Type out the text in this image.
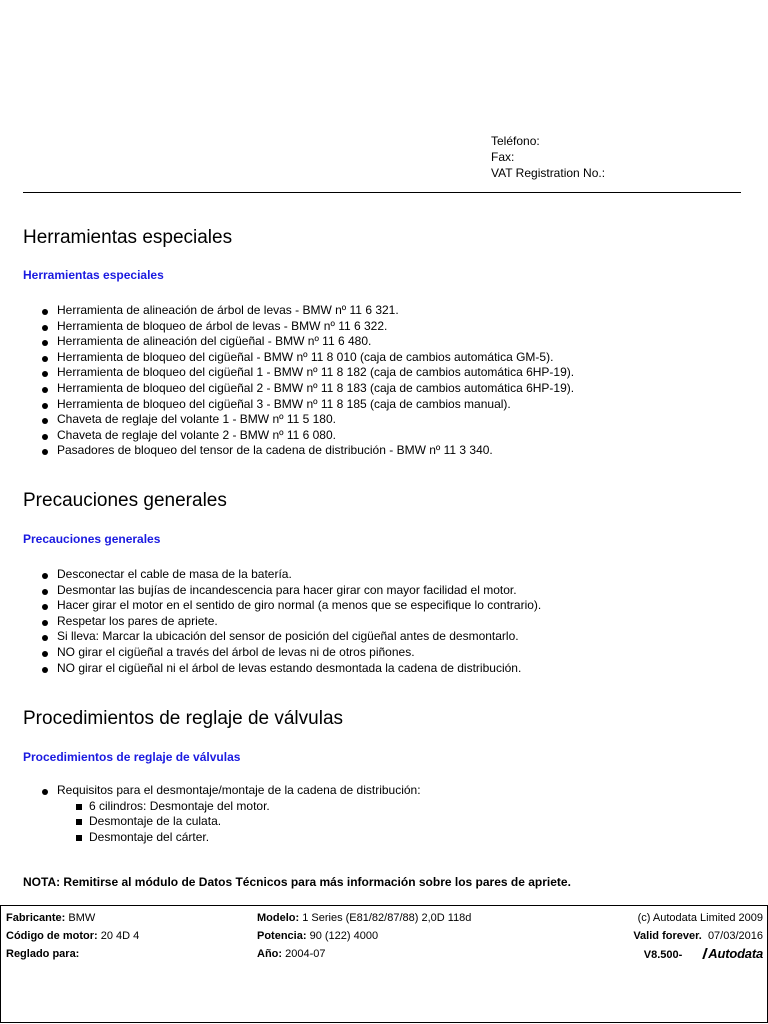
Teléfono:
Fax:
VAT Registration No.:
Herramientas especiales
Herramientas especiales
Herramienta de alineación de árbol de levas - BMW nº 11 6 321.
Herramienta de bloqueo de árbol de levas - BMW nº 11 6 322.
Herramienta de alineación del cigüeñal - BMW nº 11 6 480.
Herramienta de bloqueo del cigüeñal - BMW nº 11 8 010 (caja de cambios automática GM-5).
Herramienta de bloqueo del cigüeñal 1 - BMW nº 11 8 182 (caja de cambios automática 6HP-19).
Herramienta de bloqueo del cigüeñal 2 - BMW nº 11 8 183 (caja de cambios automática 6HP-19).
Herramienta de bloqueo del cigüeñal 3 - BMW nº 11 8 185 (caja de cambios manual).
Chaveta de reglaje del volante 1 - BMW nº 11 5 180.
Chaveta de reglaje del volante 2 - BMW nº 11 6 080.
Pasadores de bloqueo del tensor de la cadena de distribución - BMW nº 11 3 340.
Precauciones generales
Precauciones generales
Desconectar el cable de masa de la batería.
Desmontar las bujías de incandescencia para hacer girar con mayor facilidad el motor.
Hacer girar el motor en el sentido de giro normal (a menos que se especifique lo contrario).
Respetar los pares de apriete.
Si lleva: Marcar la ubicación del sensor de posición del cigüeñal antes de desmontarlo.
NO girar el cigüeñal a través del árbol de levas ni de otros piñones.
NO girar el cigüeñal ni el árbol de levas estando desmontada la cadena de distribución.
Procedimientos de reglaje de válvulas
Procedimientos de reglaje de válvulas
Requisitos para el desmontaje/montaje de la cadena de distribución:
6 cilindros: Desmontaje del motor.
Desmontaje de la culata.
Desmontaje del cárter.
NOTA: Remitirse al módulo de Datos Técnicos para más información sobre los pares de apriete.
Fabricante: BMW
Código de motor: 20 4D 4
Reglado para:
Modelo: 1 Series (E81/82/87/88) 2,0D 118d
Potencia: 90 (122) 4000
Año: 2004-07
(c) Autodata Limited 2009
Valid forever. 07/03/2016
V8.500- Autodata
